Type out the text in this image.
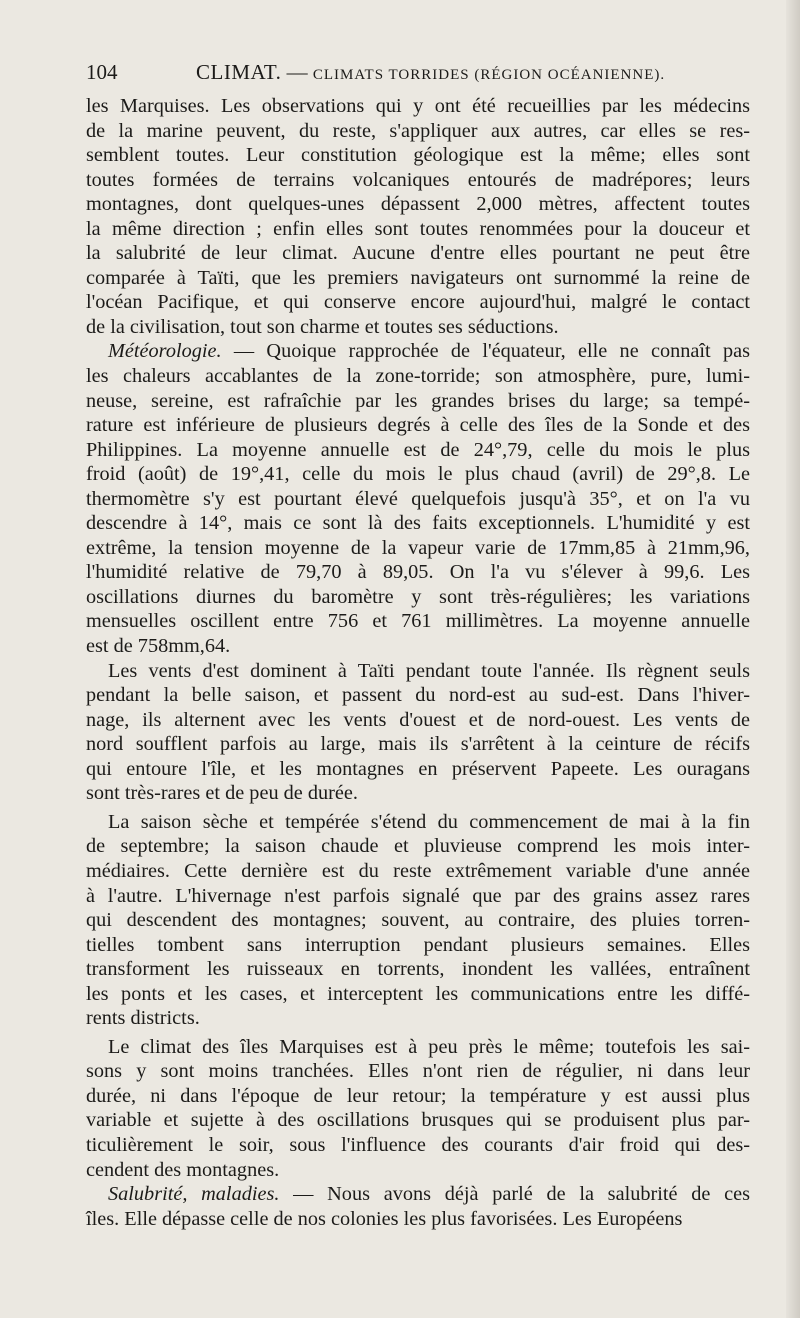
104	CLIMAT. — CLIMATS TORRIDES (RÉGION OCÉANIENNE).
les Marquises. Les observations qui y ont été recueillies par les médecins
de la marine peuvent, du reste, s'appliquer aux autres, car elles se res-
semblent toutes. Leur constitution géologique est la même; elles sont
toutes formées de terrains volcaniques entourés de madrépores; leurs
montagnes, dont quelques-unes dépassent 2,000 mètres, affectent toutes
la même direction ; enfin elles sont toutes renommées pour la douceur et
la salubrité de leur climat. Aucune d'entre elles pourtant ne peut être
comparée à Taïti, que les premiers navigateurs ont surnommé la reine de
l'océan Pacifique, et qui conserve encore aujourd'hui, malgré le contact
de la civilisation, tout son charme et toutes ses séductions.
Météorologie. — Quoique rapprochée de l'équateur, elle ne connaît pas
les chaleurs accablantes de la zone-torride; son atmosphère, pure, lumi-
neuse, sereine, est rafraîchie par les grandes brises du large; sa tempé-
rature est inférieure de plusieurs degrés à celle des îles de la Sonde et des
Philippines. La moyenne annuelle est de 24°,79, celle du mois le plus
froid (août) de 19°,41, celle du mois le plus chaud (avril) de 29°,8. Le
thermomètre s'y est pourtant élevé quelquefois jusqu'à 35°, et on l'a vu
descendre à 14°, mais ce sont là des faits exceptionnels. L'humidité y est
extrême, la tension moyenne de la vapeur varie de 17mm,85 à 21mm,96,
l'humidité relative de 79,70 à 89,05. On l'a vu s'élever à 99,6. Les
oscillations diurnes du baromètre y sont très-régulières; les variations
mensuelles oscillent entre 756 et 761 millimètres. La moyenne annuelle
est de 758mm,64.
Les vents d'est dominent à Taïti pendant toute l'année. Ils règnent seuls
pendant la belle saison, et passent du nord-est au sud-est. Dans l'hiver-
nage, ils alternent avec les vents d'ouest et de nord-ouest. Les vents de
nord soufflent parfois au large, mais ils s'arrêtent à la ceinture de récifs
qui entoure l'île, et les montagnes en préservent Papeete. Les ouragans
sont très-rares et de peu de durée.
La saison sèche et tempérée s'étend du commencement de mai à la fin
de septembre; la saison chaude et pluvieuse comprend les mois inter-
médiaires. Cette dernière est du reste extrêmement variable d'une année
à l'autre. L'hivernage n'est parfois signalé que par des grains assez rares
qui descendent des montagnes; souvent, au contraire, des pluies torren-
tielles tombent sans interruption pendant plusieurs semaines. Elles
transforment les ruisseaux en torrents, inondent les vallées, entraînent
les ponts et les cases, et interceptent les communications entre les diffé-
rents districts.
Le climat des îles Marquises est à peu près le même; toutefois les sai-
sons y sont moins tranchées. Elles n'ont rien de régulier, ni dans leur
durée, ni dans l'époque de leur retour; la température y est aussi plus
variable et sujette à des oscillations brusques qui se produisent plus par-
ticulièrement le soir, sous l'influence des courants d'air froid qui des-
cendent des montagnes.
Salubrité, maladies. — Nous avons déjà parlé de la salubrité de ces
îles. Elle dépasse celle de nos colonies les plus favorisées. Les Européens
